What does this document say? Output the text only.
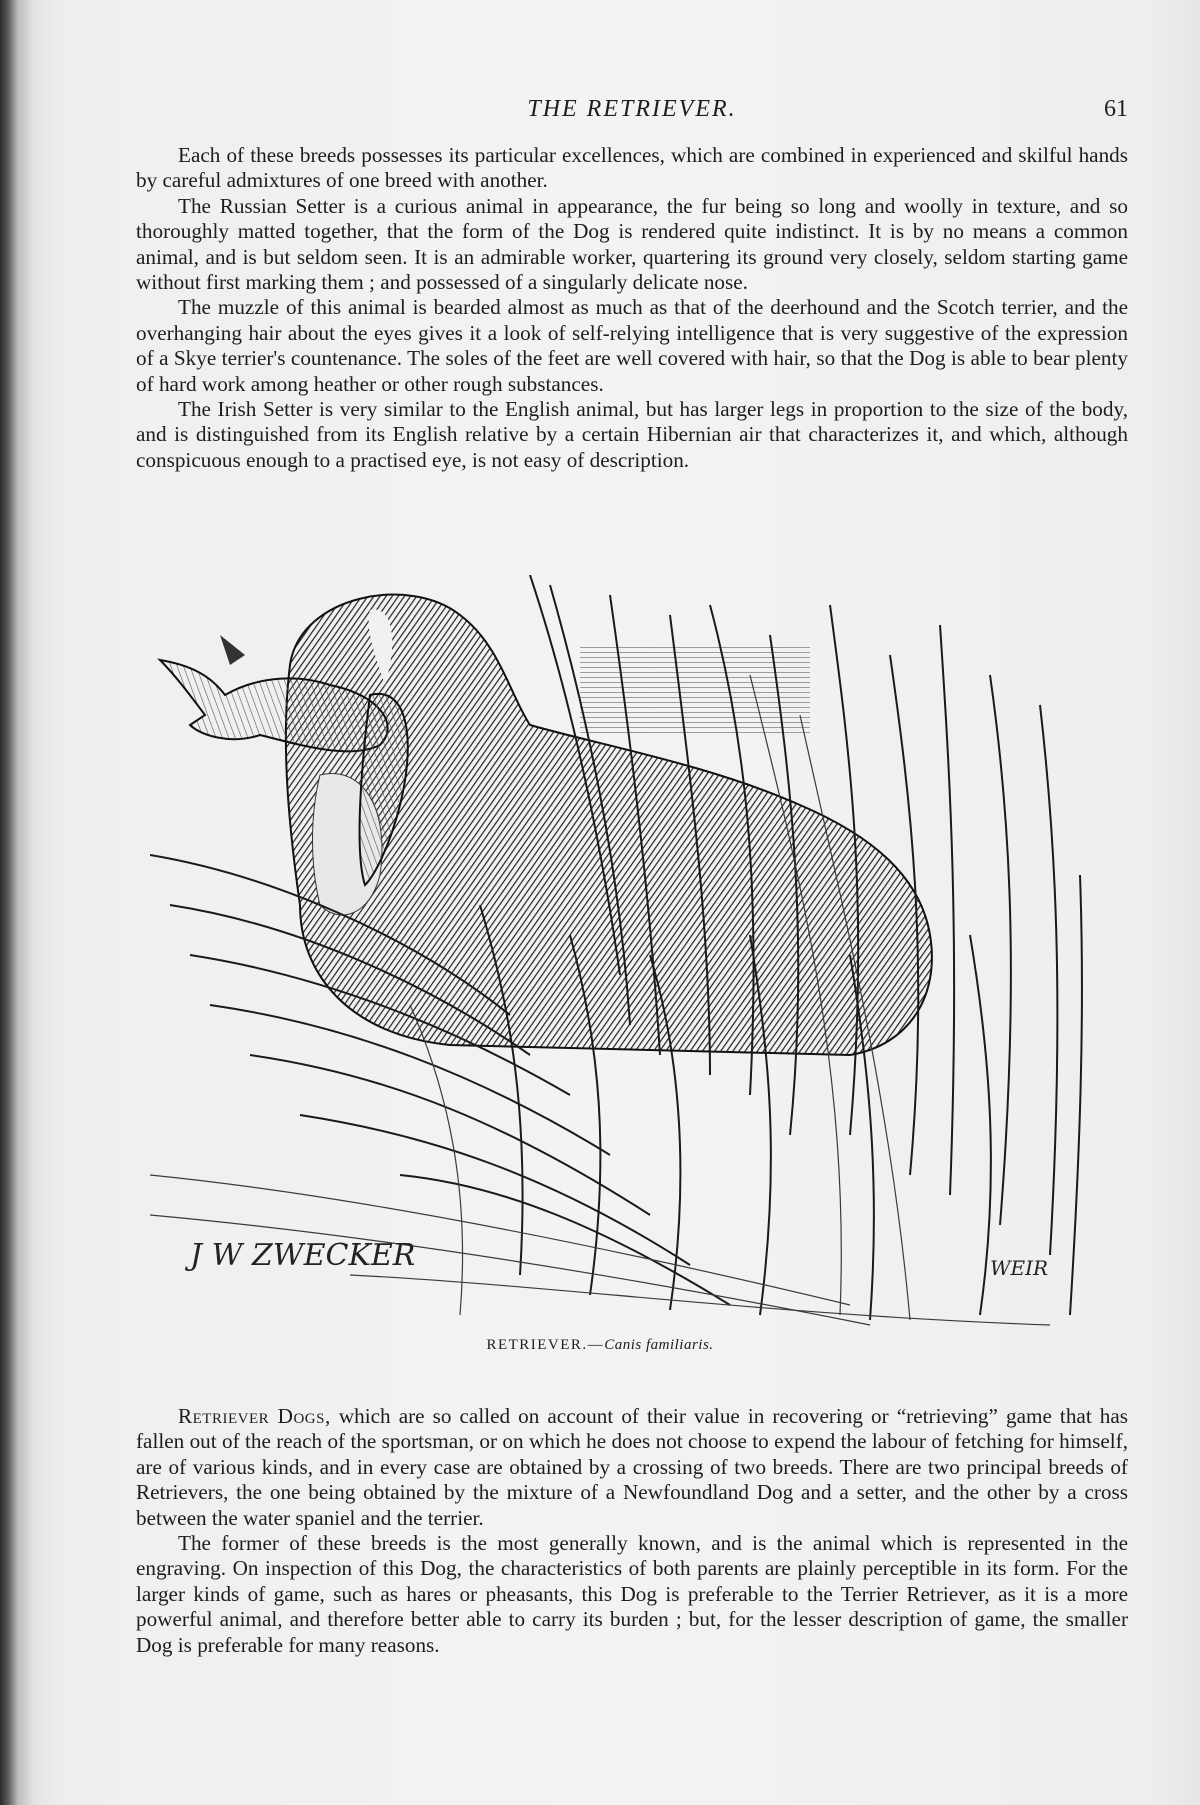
THE RETRIEVER.	61

Each of these breeds possesses its particular excellences, which are combined in experienced and skilful hands by careful admixtures of one breed with another.

The Russian Setter is a curious animal in appearance, the fur being so long and woolly in texture, and so thoroughly matted together, that the form of the Dog is rendered quite indistinct. It is by no means a common animal, and is but seldom seen. It is an admirable worker, quartering its ground very closely, seldom starting game without first marking them ; and possessed of a singularly delicate nose.

The muzzle of this animal is bearded almost as much as that of the deerhound and the Scotch terrier, and the overhanging hair about the eyes gives it a look of self-relying intelligence that is very suggestive of the expression of a Skye terrier's countenance. The soles of the feet are well covered with hair, so that the Dog is able to bear plenty of hard work among heather or other rough substances.

The Irish Setter is very similar to the English animal, but has larger legs in proportion to the size of the body, and is distinguished from its English relative by a certain Hibernian air that characterizes it, and which, although conspicuous enough to a practised eye, is not easy of description.

J W ZWECKER	WEIR
RETRIEVER.—Canis familiaris.

Retriever Dogs, which are so called on account of their value in recovering or “retrieving” game that has fallen out of the reach of the sportsman, or on which he does not choose to expend the labour of fetching for himself, are of various kinds, and in every case are obtained by a crossing of two breeds. There are two principal breeds of Retrievers, the one being obtained by the mixture of a Newfoundland Dog and a setter, and the other by a cross between the water spaniel and the terrier.

The former of these breeds is the most generally known, and is the animal which is represented in the engraving. On inspection of this Dog, the characteristics of both parents are plainly perceptible in its form. For the larger kinds of game, such as hares or pheasants, this Dog is preferable to the Terrier Retriever, as it is a more powerful animal, and therefore better able to carry its burden ; but, for the lesser description of game, the smaller Dog is preferable for many reasons.
